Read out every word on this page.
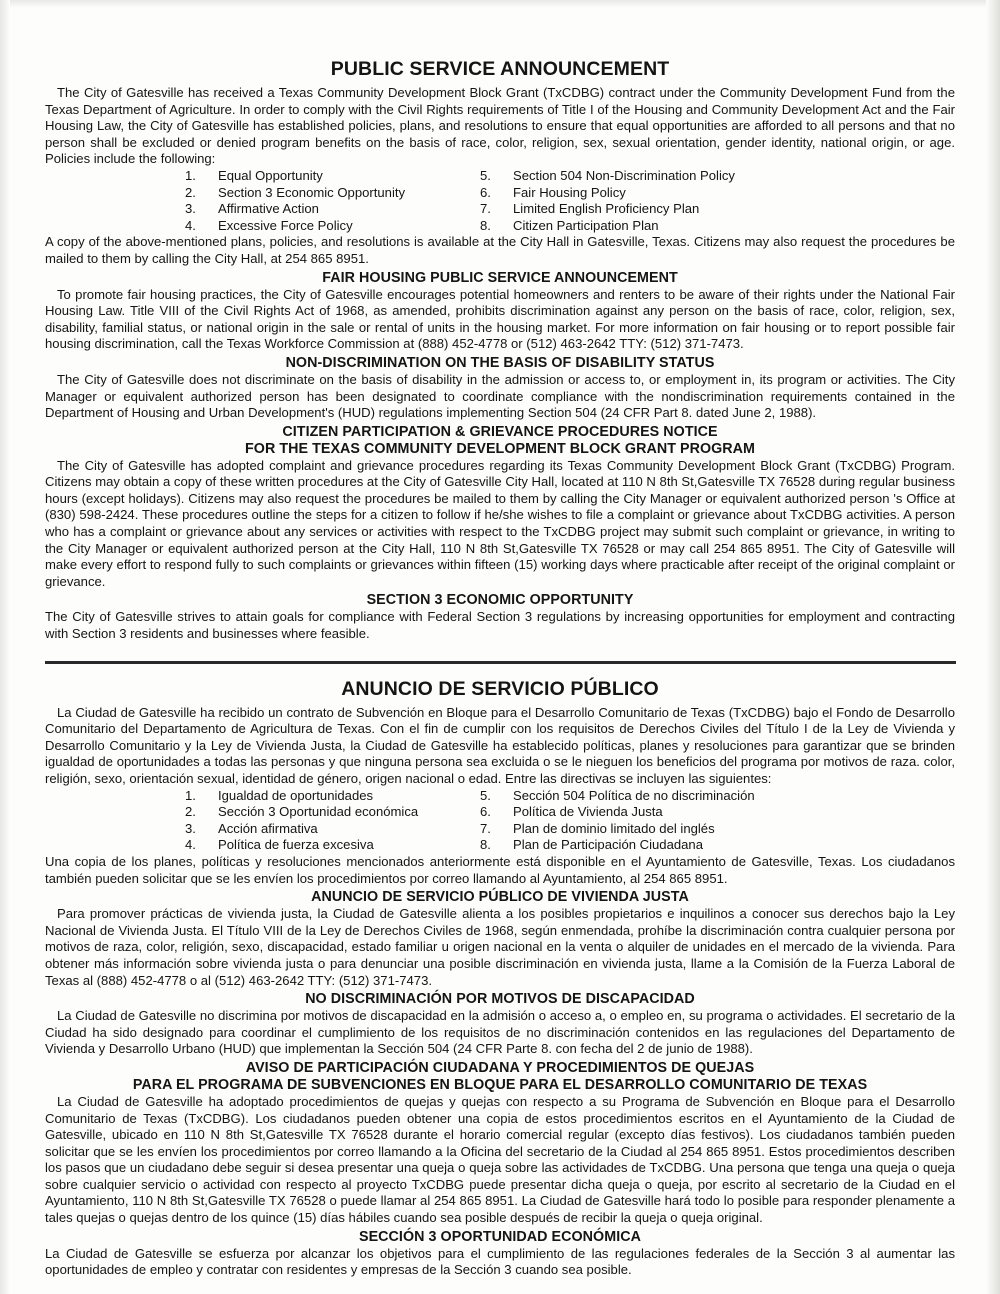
PUBLIC SERVICE ANNOUNCEMENT

The City of Gatesville has received a Texas Community Development Block Grant (TxCDBG) contract under the Community Development Fund from the Texas Department of Agriculture. In order to comply with the Civil Rights requirements of Title I of the Housing and Community Development Act and the Fair Housing Law, the City of Gatesville has established policies, plans, and resolutions to ensure that equal opportunities are afforded to all persons and that no person shall be excluded or denied program benefits on the basis of race, color, religion, sex, sexual orientation, gender identity, national origin, or age. Policies include the following:

1.	Equal Opportunity	5.	Section 504 Non-Discrimination Policy
2.	Section 3 Economic Opportunity	6.	Fair Housing Policy
3.	Affirmative Action	7.	Limited English Proficiency Plan
4.	Excessive Force Policy	8.	Citizen Participation Plan

A copy of the above-mentioned plans, policies, and resolutions is available at the City Hall in Gatesville, Texas. Citizens may also request the procedures be mailed to them by calling the City Hall, at 254 865 8951.

FAIR HOUSING PUBLIC SERVICE ANNOUNCEMENT

To promote fair housing practices, the City of Gatesville encourages potential homeowners and renters to be aware of their rights under the National Fair Housing Law. Title VIII of the Civil Rights Act of 1968, as amended, prohibits discrimination against any person on the basis of race, color, religion, sex, disability, familial status, or national origin in the sale or rental of units in the housing market. For more information on fair housing or to report possible fair housing discrimination, call the Texas Workforce Commission at (888) 452-4778 or (512) 463-2642 TTY: (512) 371-7473.

NON-DISCRIMINATION ON THE BASIS OF DISABILITY STATUS

The City of Gatesville does not discriminate on the basis of disability in the admission or access to, or employment in, its program or activities. The City Manager or equivalent authorized person has been designated to coordinate compliance with the nondiscrimination requirements contained in the Department of Housing and Urban Development's (HUD) regulations implementing Section 504 (24 CFR Part 8. dated June 2, 1988).

CITIZEN PARTICIPATION & GRIEVANCE PROCEDURES NOTICE
FOR THE TEXAS COMMUNITY DEVELOPMENT BLOCK GRANT PROGRAM

The City of Gatesville has adopted complaint and grievance procedures regarding its Texas Community Development Block Grant (TxCDBG) Program. Citizens may obtain a copy of these written procedures at the City of Gatesville City Hall, located at 110 N 8th St,Gatesville TX 76528 during regular business hours (except holidays). Citizens may also request the procedures be mailed to them by calling the City Manager or equivalent authorized person 's Office at (830) 598-2424. These procedures outline the steps for a citizen to follow if he/she wishes to file a complaint or grievance about TxCDBG activities. A person who has a complaint or grievance about any services or activities with respect to the TxCDBG project may submit such complaint or grievance, in writing to the City Manager or equivalent authorized person at the City Hall, 110 N 8th St,Gatesville TX 76528 or may call 254 865 8951. The City of Gatesville will make every effort to respond fully to such complaints or grievances within fifteen (15) working days where practicable after receipt of the original complaint or grievance.

SECTION 3 ECONOMIC OPPORTUNITY

The City of Gatesville strives to attain goals for compliance with Federal Section 3 regulations by increasing opportunities for employment and contracting with Section 3 residents and businesses where feasible.

ANUNCIO DE SERVICIO PÚBLICO

La Ciudad de Gatesville ha recibido un contrato de Subvención en Bloque para el Desarrollo Comunitario de Texas (TxCDBG) bajo el Fondo de Desarrollo Comunitario del Departamento de Agricultura de Texas. Con el fin de cumplir con los requisitos de Derechos Civiles del Título I de la Ley de Vivienda y Desarrollo Comunitario y la Ley de Vivienda Justa, la Ciudad de Gatesville ha establecido políticas, planes y resoluciones para garantizar que se brinden igualdad de oportunidades a todas las personas y que ninguna persona sea excluida o se le nieguen los beneficios del programa por motivos de raza. color, religión, sexo, orientación sexual, identidad de género, origen nacional o edad. Entre las directivas se incluyen las siguientes:

1.	Igualdad de oportunidades	5.	Sección 504 Política de no discriminación
2.	Sección 3 Oportunidad económica	6.	Política de Vivienda Justa
3.	Acción afirmativa	7.	Plan de dominio limitado del inglés
4.	Política de fuerza excesiva	8.	Plan de Participación Ciudadana

Una copia de los planes, políticas y resoluciones mencionados anteriormente está disponible en el Ayuntamiento de Gatesville, Texas. Los ciudadanos también pueden solicitar que se les envíen los procedimientos por correo llamando al Ayuntamiento, al 254 865 8951.

ANUNCIO DE SERVICIO PÚBLICO DE VIVIENDA JUSTA

Para promover prácticas de vivienda justa, la Ciudad de Gatesville alienta a los posibles propietarios e inquilinos a conocer sus derechos bajo la Ley Nacional de Vivienda Justa. El Título VIII de la Ley de Derechos Civiles de 1968, según enmendada, prohíbe la discriminación contra cualquier persona por motivos de raza, color, religión, sexo, discapacidad, estado familiar u origen nacional en la venta o alquiler de unidades en el mercado de la vivienda. Para obtener más información sobre vivienda justa o para denunciar una posible discriminación en vivienda justa, llame a la Comisión de la Fuerza Laboral de Texas al (888) 452-4778 o al (512) 463-2642 TTY: (512) 371-7473.

NO DISCRIMINACIÓN POR MOTIVOS DE DISCAPACIDAD

La Ciudad de Gatesville no discrimina por motivos de discapacidad en la admisión o acceso a, o empleo en, su programa o actividades. El secretario de la Ciudad ha sido designado para coordinar el cumplimiento de los requisitos de no discriminación contenidos en las regulaciones del Departamento de Vivienda y Desarrollo Urbano (HUD) que implementan la Sección 504 (24 CFR Parte 8. con fecha del 2 de junio de 1988).

AVISO DE PARTICIPACIÓN CIUDADANA Y PROCEDIMIENTOS DE QUEJAS
PARA EL PROGRAMA DE SUBVENCIONES EN BLOQUE PARA EL DESARROLLO COMUNITARIO DE TEXAS

La Ciudad de Gatesville ha adoptado procedimientos de quejas y quejas con respecto a su Programa de Subvención en Bloque para el Desarrollo Comunitario de Texas (TxCDBG). Los ciudadanos pueden obtener una copia de estos procedimientos escritos en el Ayuntamiento de la Ciudad de Gatesville, ubicado en 110 N 8th St,Gatesville TX 76528 durante el horario comercial regular (excepto días festivos). Los ciudadanos también pueden solicitar que se les envíen los procedimientos por correo llamando a la Oficina del secretario de la Ciudad al 254 865 8951. Estos procedimientos describen los pasos que un ciudadano debe seguir si desea presentar una queja o queja sobre las actividades de TxCDBG. Una persona que tenga una queja o queja sobre cualquier servicio o actividad con respecto al proyecto TxCDBG puede presentar dicha queja o queja, por escrito al secretario de la Ciudad en el Ayuntamiento, 110 N 8th St,Gatesville TX 76528 o puede llamar al 254 865 8951. La Ciudad de Gatesville hará todo lo posible para responder plenamente a tales quejas o quejas dentro de los quince (15) días hábiles cuando sea posible después de recibir la queja o queja original.

SECCIÓN 3 OPORTUNIDAD ECONÓMICA

La Ciudad de Gatesville se esfuerza por alcanzar los objetivos para el cumplimiento de las regulaciones federales de la Sección 3 al aumentar las oportunidades de empleo y contratar con residentes y empresas de la Sección 3 cuando sea posible.
